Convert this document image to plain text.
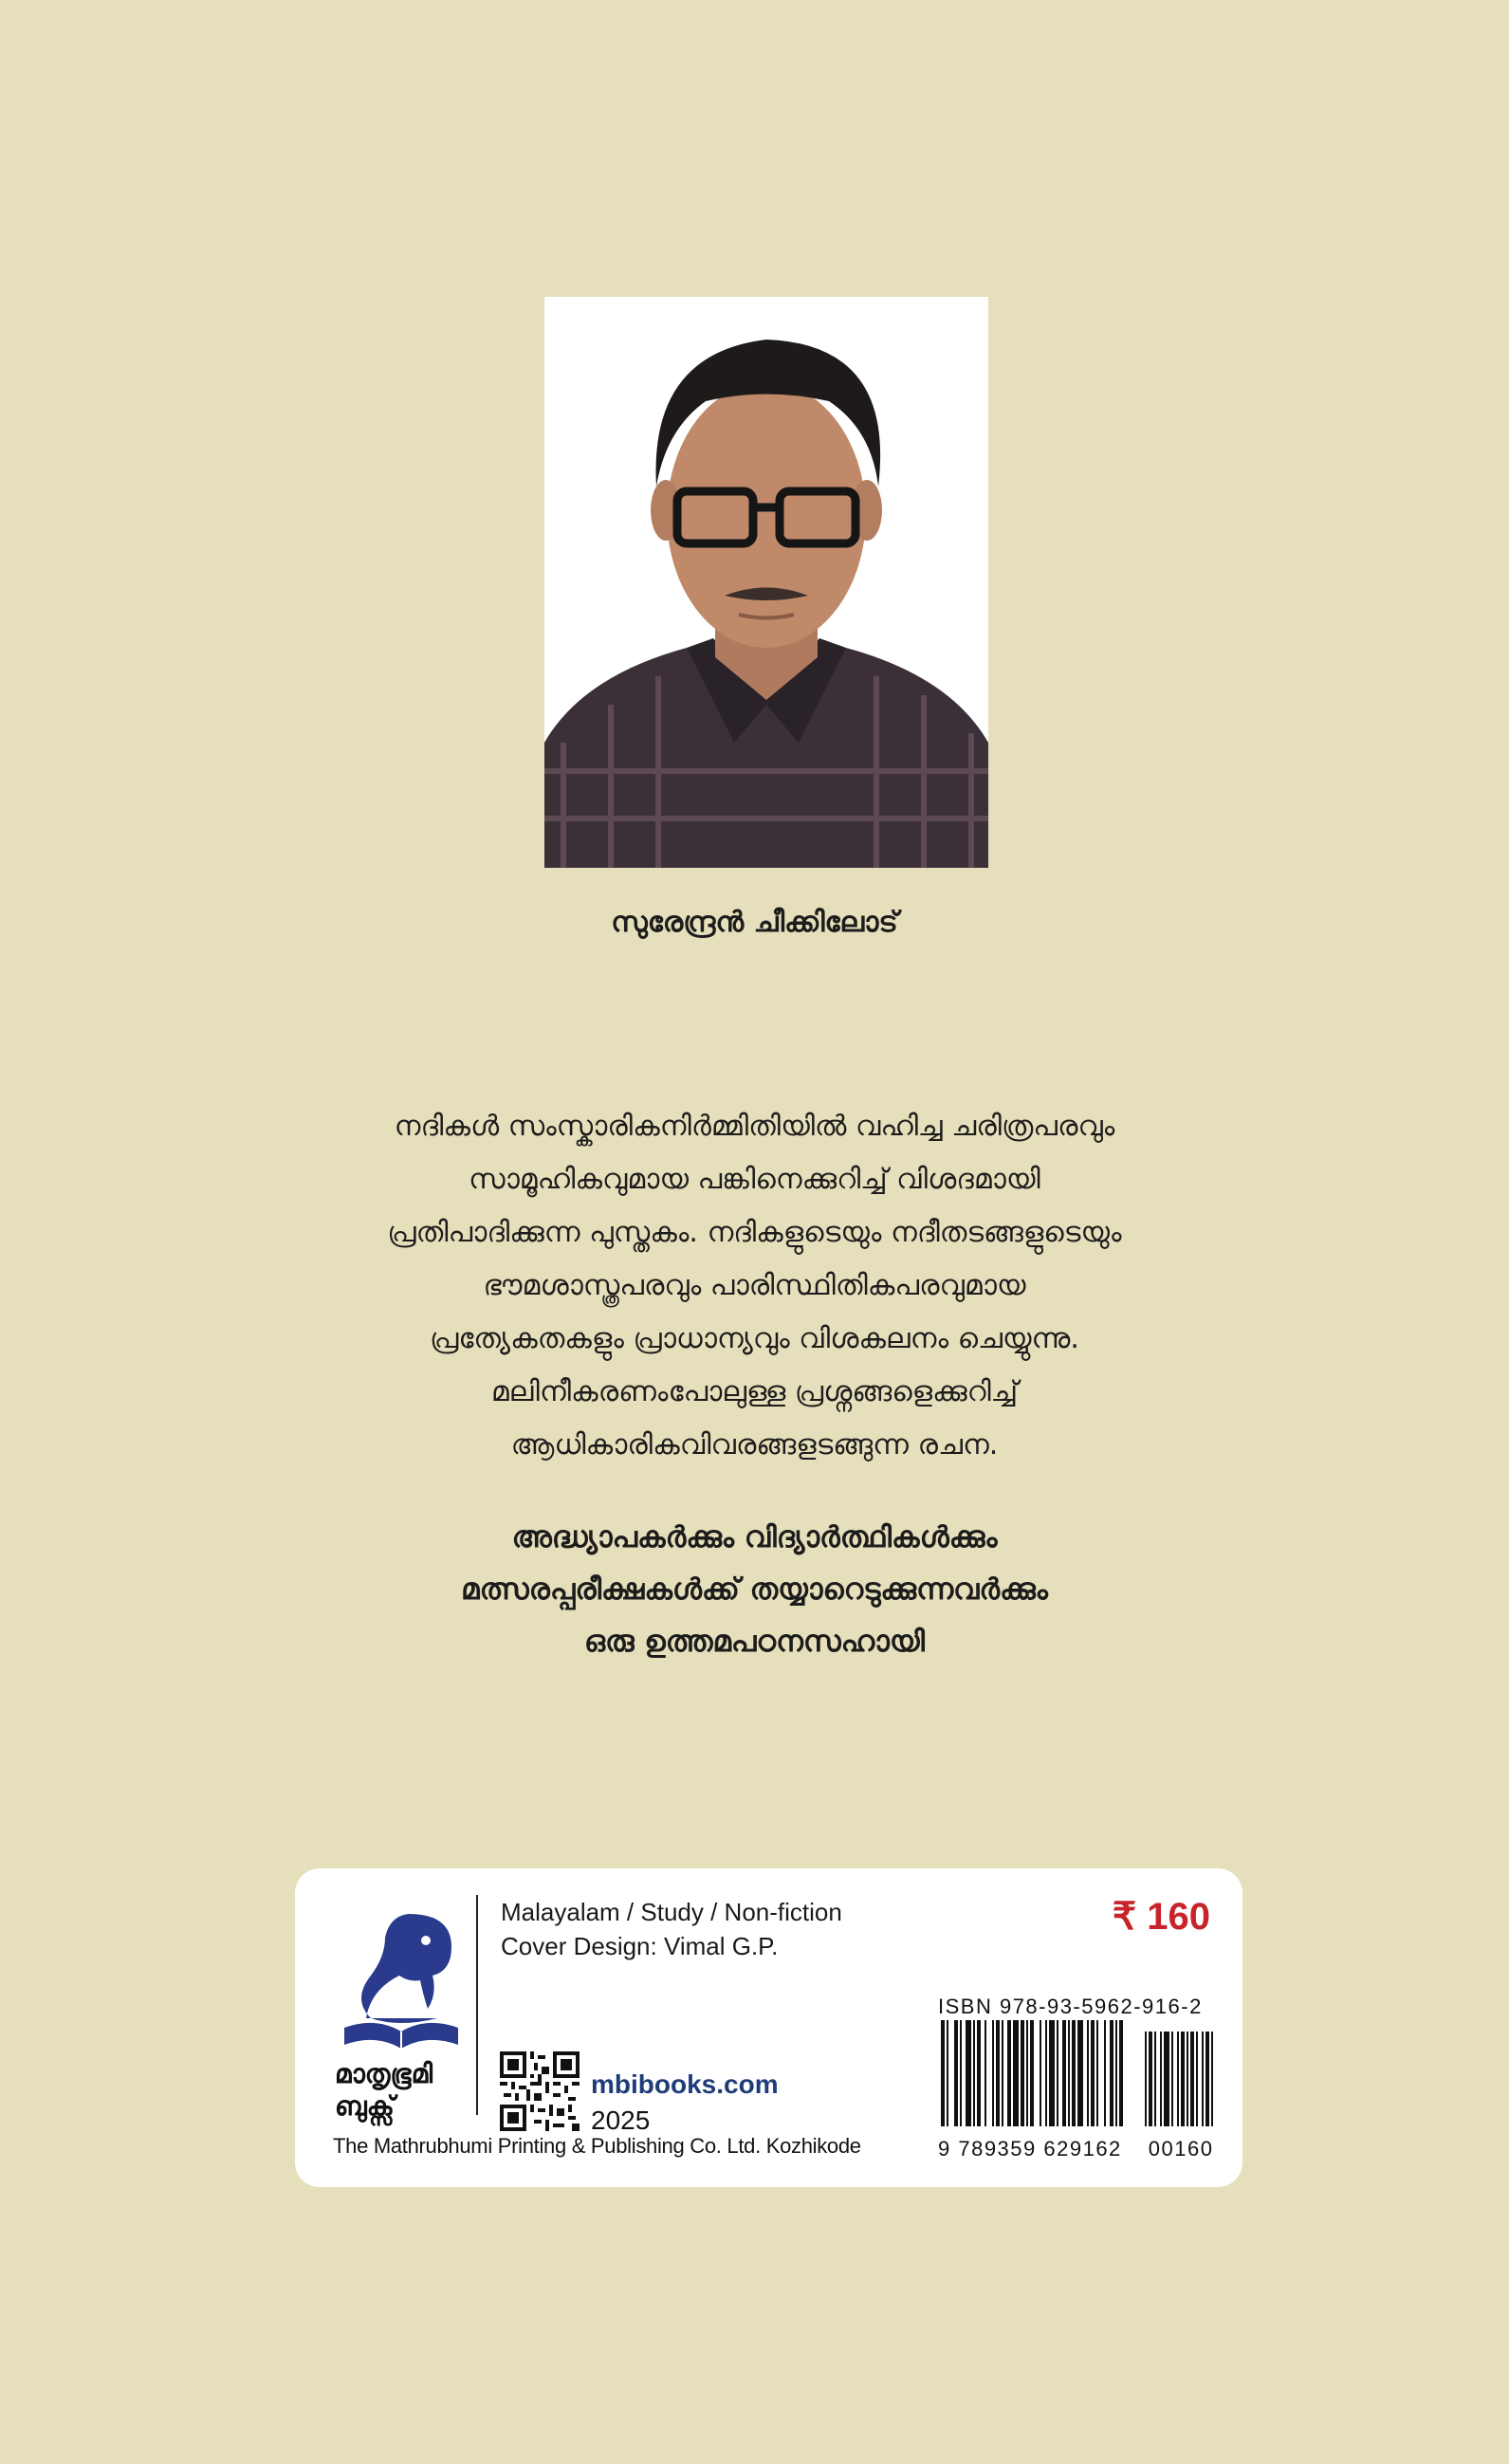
സുരേന്ദ്രൻ ചീക്കിലോട്
നദികൾ സംസ്കാരികനിർമ്മിതിയിൽ വഹിച്ച ചരിത്രപരവും
സാമൂഹികവുമായ പങ്കിനെക്കുറിച്ച് വിശദമായി
പ്രതിപാദിക്കുന്ന പുസ്തകം. നദികളുടെയും നദീതടങ്ങളുടെയും
ഭൗമശാസ്ത്രപരവും പാരിസ്ഥിതികപരവുമായ
പ്രത്യേകതകളും പ്രാധാന്യവും വിശകലനം ചെയ്യുന്നു.
മലിനീകരണംപോലുള്ള പ്രശ്നങ്ങളെക്കുറിച്ച്
ആധികാരികവിവരങ്ങളടങ്ങുന്ന രചന.
അദ്ധ്യാപകർക്കും വിദ്യാർത്ഥികൾക്കും
മത്സരപ്പരീക്ഷകൾക്ക് തയ്യാറെടുക്കുന്നവർക്കും
ഒരു ഉത്തമപഠനസഹായി
മാതൃഭൂമി
ബുക്സ്
The Mathrubhumi Printing & Publishing Co. Ltd. Kozhikode
Malayalam / Study / Non-fiction
Cover Design: Vimal G.P.
₹ 160
mbibooks.com
2025
ISBN 978-93-5962-916-2
9 789359 629162 00160
